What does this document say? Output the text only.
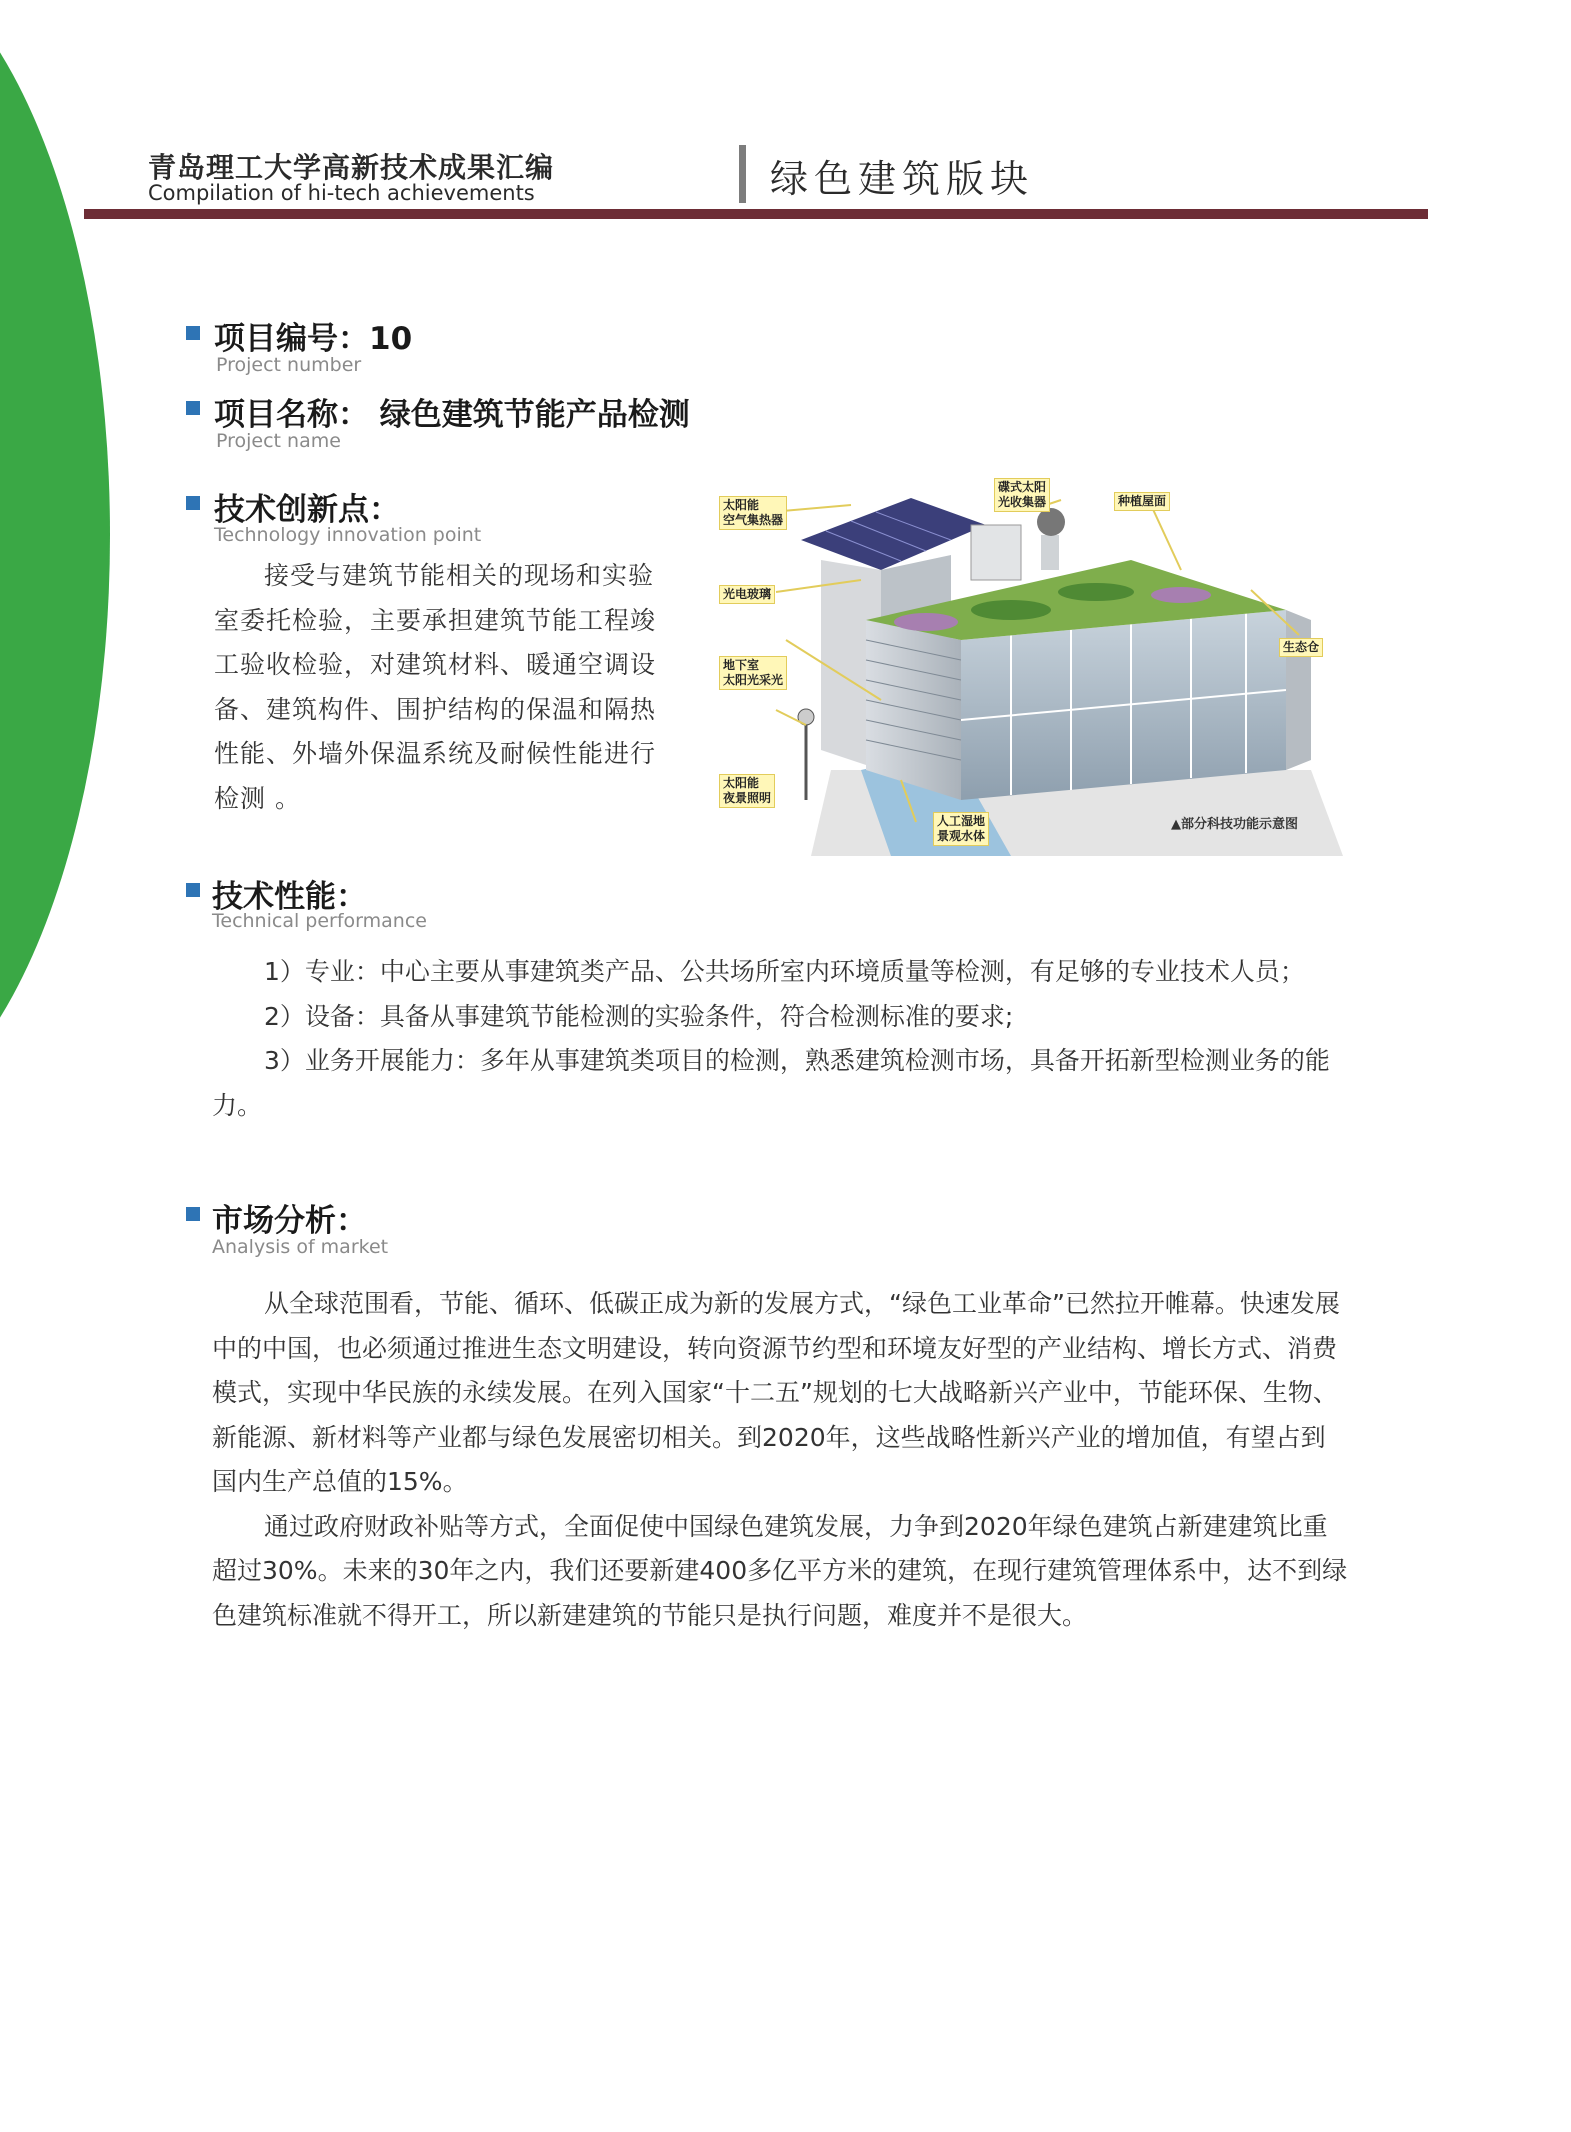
青岛理工大学高新技术成果汇编
Compilation of hi-tech achievements	绿色建筑版块
项目编号：10
Project number
项目名称： 绿色建筑节能产品检测
Project name
技术创新点：
Technology innovation point
接受与建筑节能相关的现场和实验
室委托检验，主要承担建筑节能工程竣
工验收检验，对建筑材料、暖通空调设
备、建筑构件、围护结构的保温和隔热
性能、外墙外保温系统及耐候性能进行
检测 。
太阳能
空气集热器
碟式太阳
光收集器	种植屋面
光电玻璃
生态仓
地下室
太阳光采光
太阳能
夜景照明
人工湿地
景观水体
▲部分科技功能示意图
技术性能：
Technical performance

1）专业：中心主要从事建筑类产品、公共场所室内环境质量等检测，有足够的专业技术人员；

2）设备：具备从事建筑节能检测的实验条件，符合检测标准的要求;

3）业务开展能力：多年从事建筑类项目的检测，熟悉建筑检测市场，具备开拓新型检测业务的能力。

市场分析：
Analysis of market

从全球范围看，节能、循环、低碳正成为新的发展方式，“绿色工业革命”已然拉开帷幕。快速发展中的中国，也必须通过推进生态文明建设，转向资源节约型和环境友好型的产业结构、增长方式、消费模式，实现中华民族的永续发展。在列入国家“十二五”规划的七大战略新兴产业中，节能环保、生物、新能源、新材料等产业都与绿色发展密切相关。到2020年，这些战略性新兴产业的增加值，有望占到国内生产总值的15%。

通过政府财政补贴等方式，全面促使中国绿色建筑发展，力争到2020年绿色建筑占新建建筑比重超过30%。未来的30年之内，我们还要新建400多亿平方米的建筑，在现行建筑管理体系中，达不到绿色建筑标准就不得开工，所以新建建筑的节能只是执行问题，难度并不是很大。
